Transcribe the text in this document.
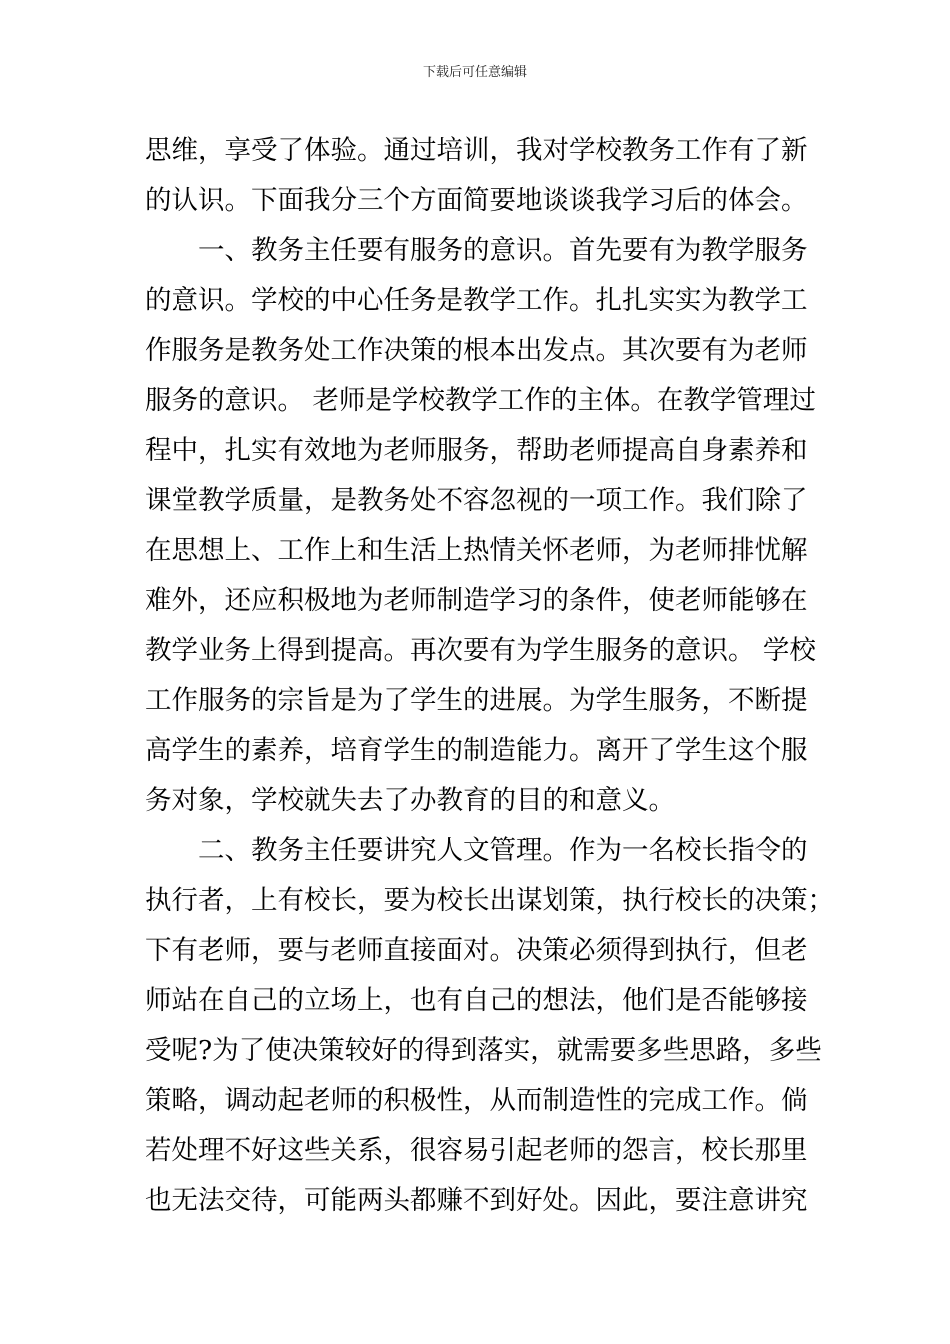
下载后可任意编辑
思维，享受了体验。通过培训，我对学校教务工作有了新
的认识。下面我分三个方面简要地谈谈我学习后的体会。
一、教务主任要有服务的意识。首先要有为教学服务
的意识。学校的中心任务是教学工作。扎扎实实为教学工
作服务是教务处工作决策的根本出发点。其次要有为老师
服务的意识。 老师是学校教学工作的主体。在教学管理过
程中，扎实有效地为老师服务，帮助老师提高自身素养和
课堂教学质量，是教务处不容忽视的一项工作。我们除了
在思想上、工作上和生活上热情关怀老师，为老师排忧解
难外，还应积极地为老师制造学习的条件，使老师能够在
教学业务上得到提高。再次要有为学生服务的意识。 学校
工作服务的宗旨是为了学生的进展。为学生服务，不断提
高学生的素养，培育学生的制造能力。离开了学生这个服
务对象，学校就失去了办教育的目的和意义。
二、教务主任要讲究人文管理。作为一名校长指令的
执行者，上有校长，要为校长出谋划策，执行校长的决策；
下有老师，要与老师直接面对。决策必须得到执行，但老
师站在自己的立场上，也有自己的想法，他们是否能够接
受呢?为了使决策较好的得到落实，就需要多些思路，多些
策略，调动起老师的积极性，从而制造性的完成工作。倘
若处理不好这些关系，很容易引起老师的怨言，校长那里
也无法交待，可能两头都赚不到好处。因此，要注意讲究
